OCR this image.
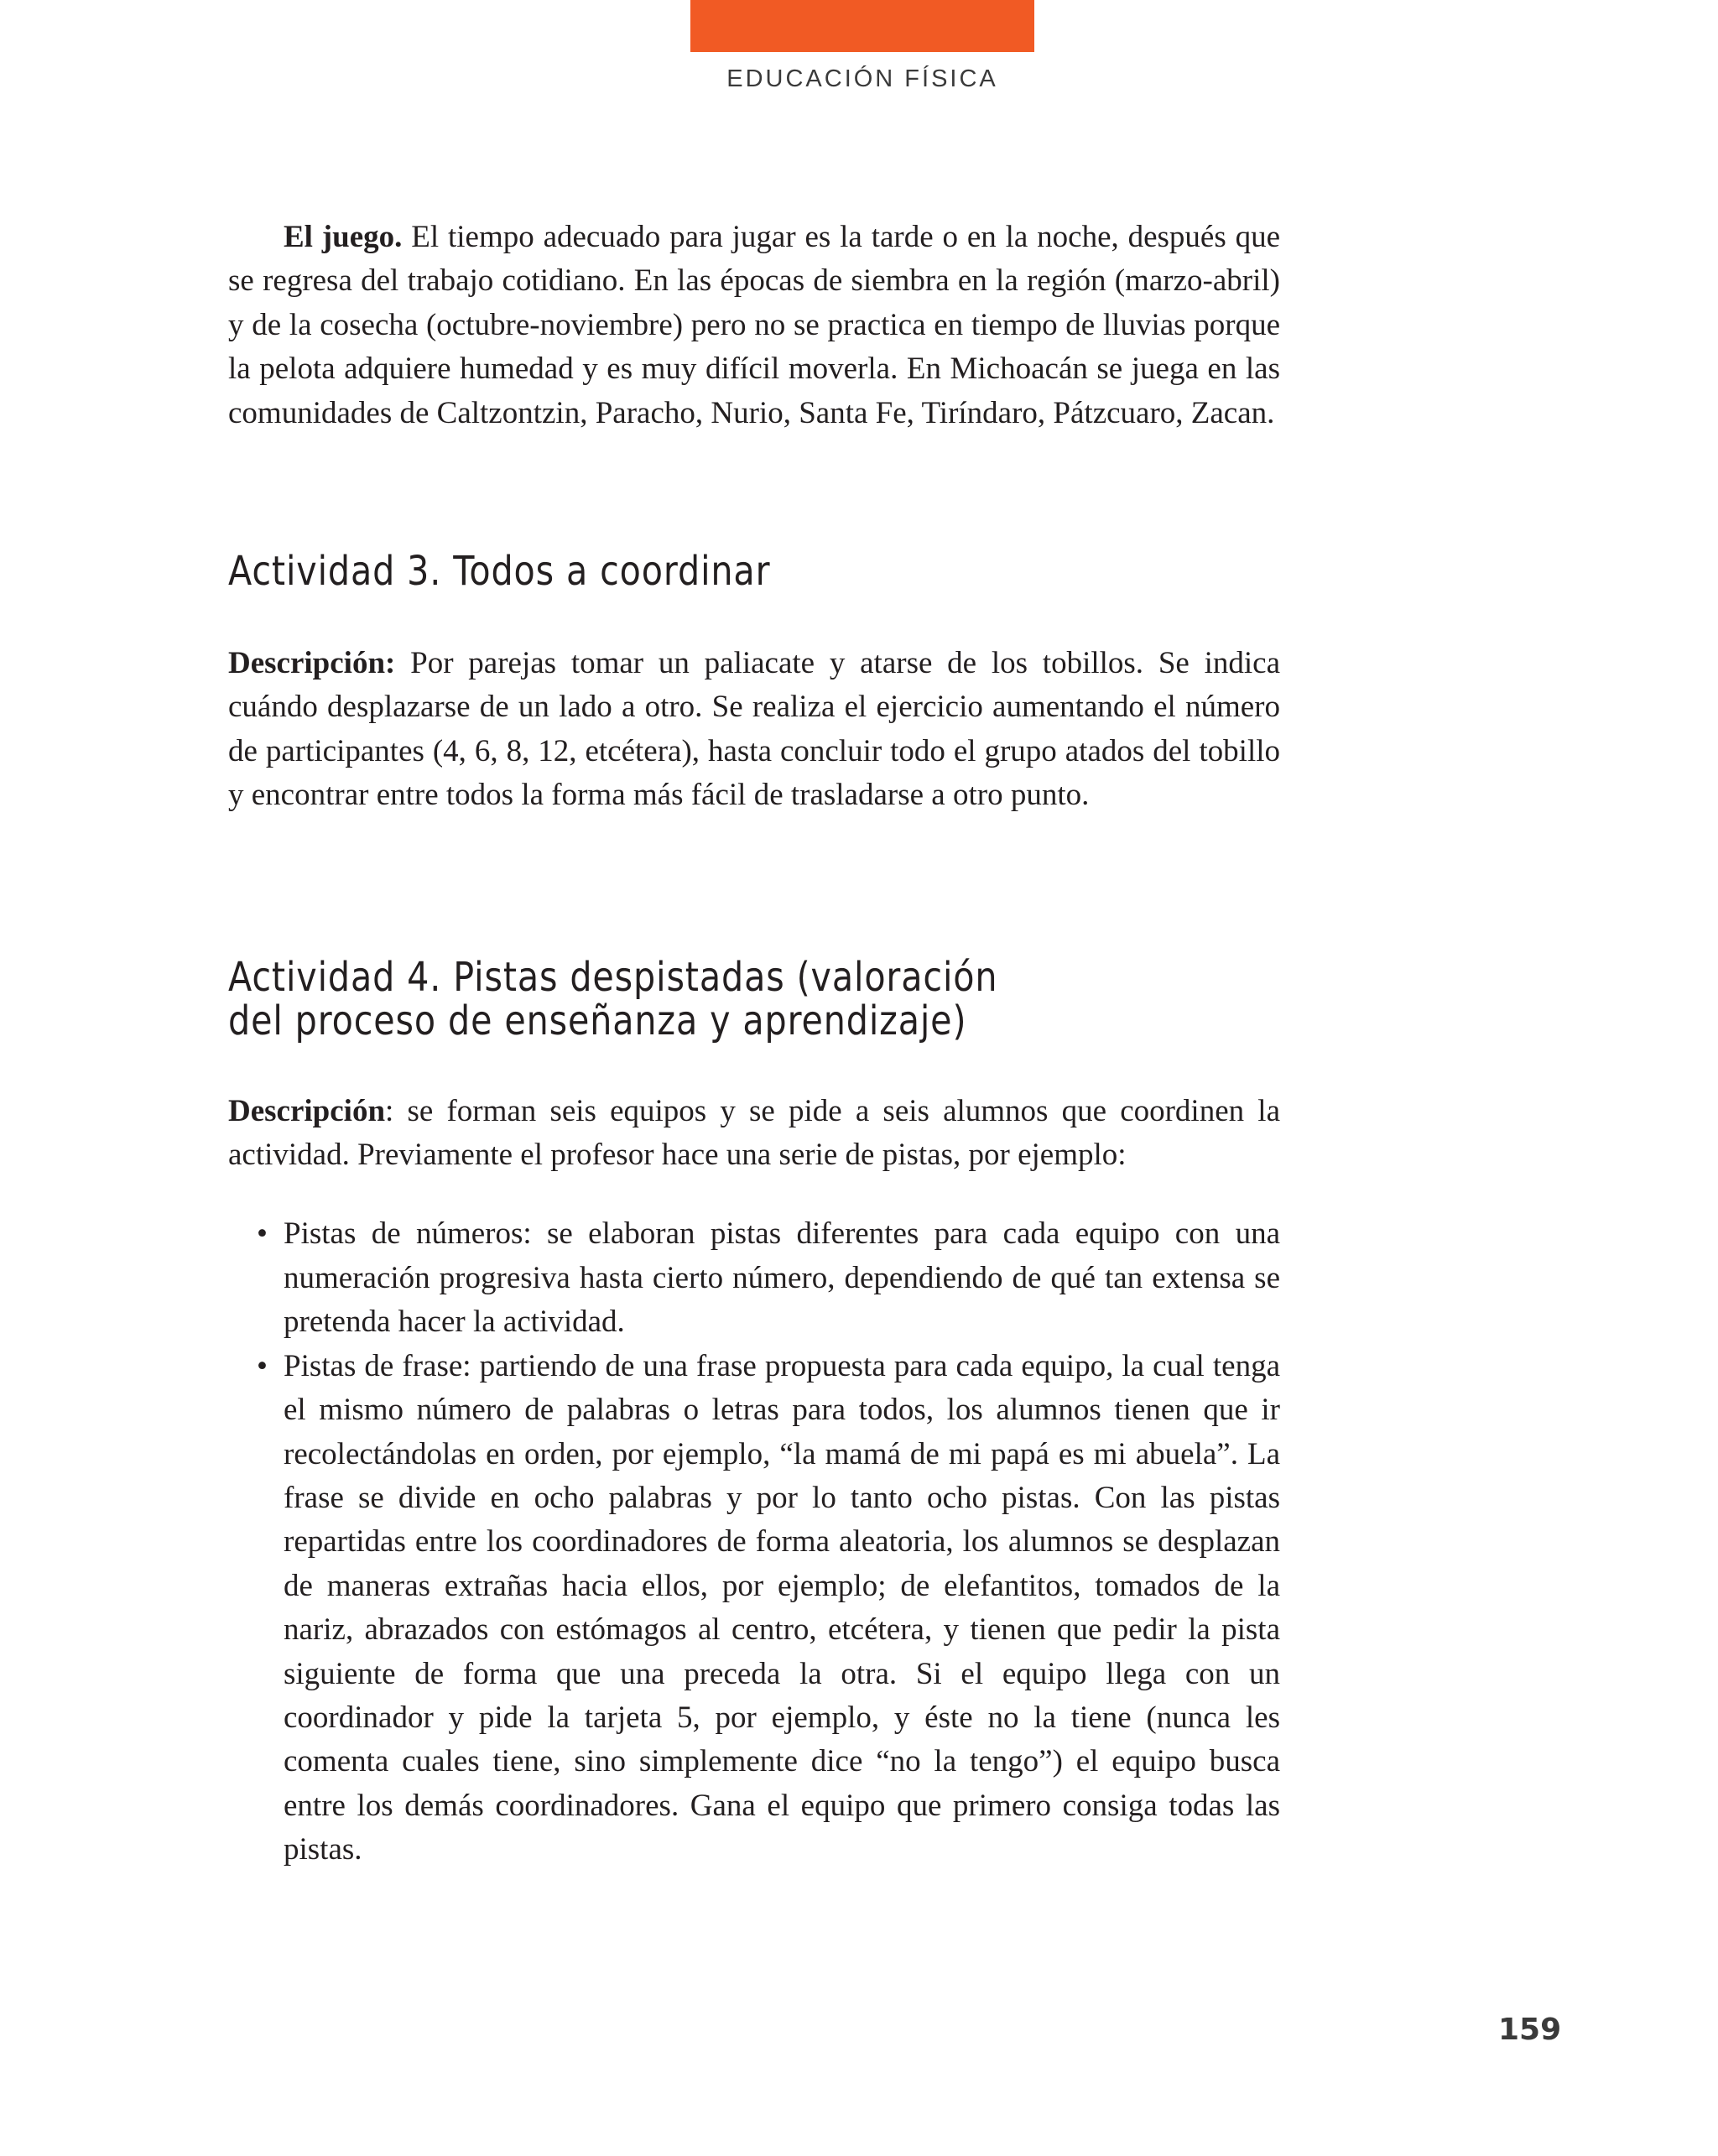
EDUCACIÓN FÍSICA

El juego. El tiempo adecuado para jugar es la tarde o en la noche, después que se regresa del trabajo cotidiano. En las épocas de siembra en la región (marzo-abril) y de la cosecha (octubre-noviembre) pero no se practica en tiempo de lluvias porque la pelota adquiere humedad y es muy difícil moverla. En Michoacán se juega en las comunidades de Caltzontzin, Paracho, Nurio, Santa Fe, Tiríndaro, Pátzcuaro, Zacan.

Actividad 3. Todos a coordinar

Descripción: Por parejas tomar un paliacate y atarse de los tobillos. Se indica cuándo desplazarse de un lado a otro. Se realiza el ejercicio aumentando el número de participantes (4, 6, 8, 12, etcétera), hasta concluir todo el grupo atados del tobillo y encontrar entre todos la forma más fácil de trasladarse a otro punto.

Actividad 4. Pistas despistadas (valoración
del proceso de enseñanza y aprendizaje)

Descripción: se forman seis equipos y se pide a seis alumnos que coordinen la actividad. Previamente el profesor hace una serie de pistas, por ejemplo:

• Pistas de números: se elaboran pistas diferentes para cada equipo con una numeración progresiva hasta cierto número, dependiendo de qué tan extensa se pretenda hacer la actividad.
• Pistas de frase: partiendo de una frase propuesta para cada equipo, la cual tenga el mismo número de palabras o letras para todos, los alumnos tienen que ir recolectándolas en orden, por ejemplo, “la mamá de mi papá es mi abuela”. La frase se divide en ocho palabras y por lo tanto ocho pistas. Con las pistas repartidas entre los coordinadores de forma aleatoria, los alumnos se desplazan de maneras extrañas hacia ellos, por ejemplo; de elefantitos, tomados de la nariz, abrazados con estómagos al centro, etcétera, y tienen que pedir la pista siguiente de forma que una preceda la otra. Si el equipo llega con un coordinador y pide la tarjeta 5, por ejemplo, y éste no la tiene (nunca les comenta cuales tiene, sino simplemente dice “no la tengo”) el equipo busca entre los demás coordinadores. Gana el equipo que primero consiga todas las pistas.
159
